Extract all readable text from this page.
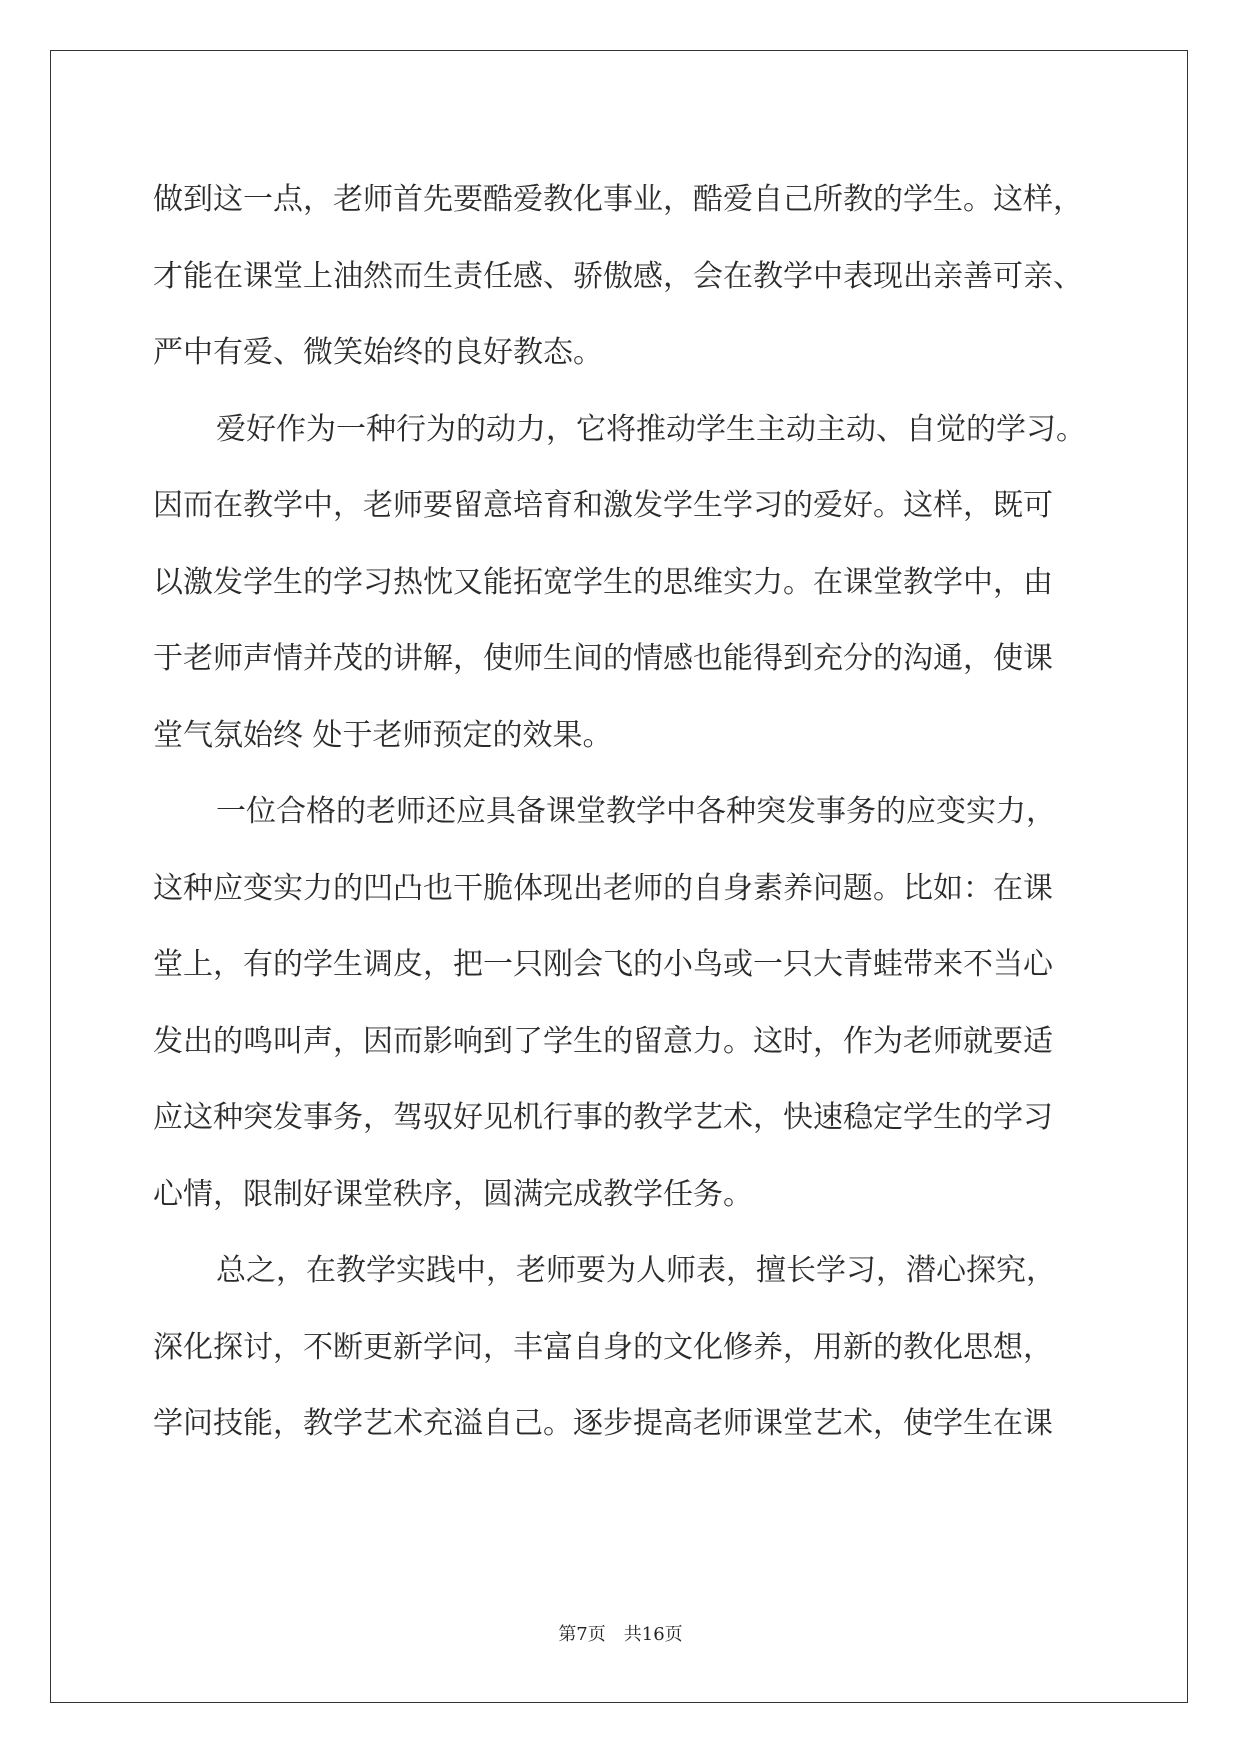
做到这一点，老师首先要酷爱教化事业，酷爱自己所教的学生。这样，
才能在课堂上油然而生责任感、骄傲感，会在教学中表现出亲善可亲、
严中有爱、微笑始终的良好教态。
爱好作为一种行为的动力，它将推动学生主动主动、自觉的学习。
因而在教学中，老师要留意培育和激发学生学习的爱好。这样，既可
以激发学生的学习热忱又能拓宽学生的思维实力。在课堂教学中，由
于老师声情并茂的讲解，使师生间的情感也能得到充分的沟通，使课
堂气氛始终 处于老师预定的效果。
一位合格的老师还应具备课堂教学中各种突发事务的应变实力，
这种应变实力的凹凸也干脆体现出老师的自身素养问题。比如：在课
堂上，有的学生调皮，把一只刚会飞的小鸟或一只大青蛙带来不当心
发出的鸣叫声，因而影响到了学生的留意力。这时，作为老师就要适
应这种突发事务，驾驭好见机行事的教学艺术，快速稳定学生的学习
心情，限制好课堂秩序，圆满完成教学任务。
总之，在教学实践中，老师要为人师表，擅长学习，潜心探究，
深化探讨，不断更新学问，丰富自身的文化修养，用新的教化思想，
学问技能，教学艺术充溢自己。逐步提高老师课堂艺术，使学生在课
第7页　共16页
